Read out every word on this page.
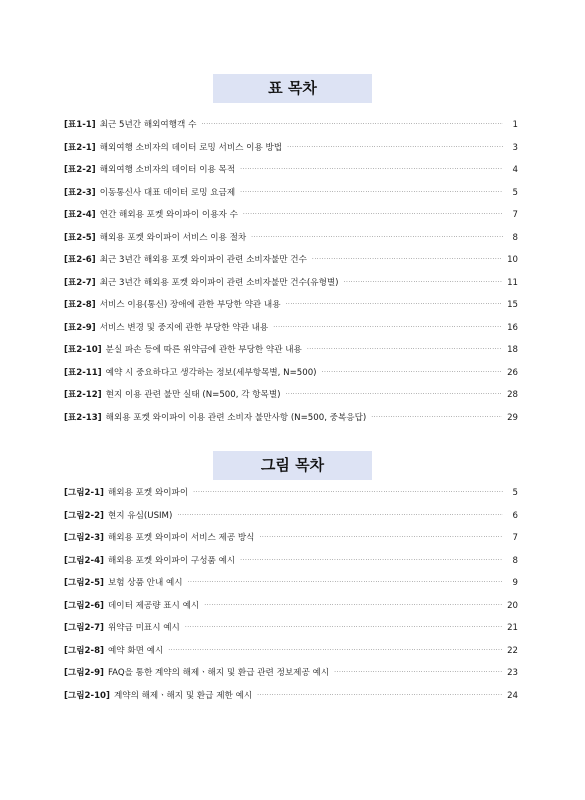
표 목차
[표1-1] 최근 5년간 해외여행객 수 ·····	1
[표2-1] 해외여행 소비자의 데이터 로밍 서비스 이용 방법 ·····	3
[표2-2] 해외여행 소비자의 데이터 이용 목적 ·····	4
[표2-3] 이동통신사 대표 데이터 로밍 요금제 ·····	5
[표2-4] 연간 해외용 포켓 와이파이 이용자 수 ·····	7
[표2-5] 해외용 포켓 와이파이 서비스 이용 절차 ·····	8
[표2-6] 최근 3년간 해외용 포켓 와이파이 관련 소비자불만 건수 ·····	10
[표2-7] 최근 3년간 해외용 포켓 와이파이 관련 소비자불만 건수(유형별) ·····	11
[표2-8] 서비스 이용(통신) 장애에 관한 부당한 약관 내용 ·····	15
[표2-9] 서비스 변경 및 중지에 관한 부당한 약관 내용 ·····	16
[표2-10] 분실 파손 등에 따른 위약금에 관한 부당한 약관 내용 ·····	18
[표2-11] 예약 시 중요하다고 생각하는 정보(세부항목별, N=500) ·····	26
[표2-12] 현지 이용 관련 불만 실태 (N=500, 각 항목별) ·····	28
[표2-13] 해외용 포켓 와이파이 이용 관련 소비자 불만사항 (N=500, 중복응답) ·····	29
그림 목차
[그림2-1] 해외용 포켓 와이파이 ·····	5
[그림2-2] 현지 유심(USIM) ·····	6
[그림2-3] 해외용 포켓 와이파이 서비스 제공 방식 ·····	7
[그림2-4] 해외용 포켓 와이파이 구성품 예시 ·····	8
[그림2-5] 보험 상품 안내 예시 ·····	9
[그림2-6] 데이터 제공량 표시 예시 ·····	20
[그림2-7] 위약금 미표시 예시 ·····	21
[그림2-8] 예약 화면 예시 ·····	22
[그림2-9] FAQ을 통한 계약의 해제ㆍ해지 및 환급 관련 정보제공 예시 ·····	23
[그림2-10] 계약의 해제ㆍ해지 및 환급 제한 예시 ·····	24
